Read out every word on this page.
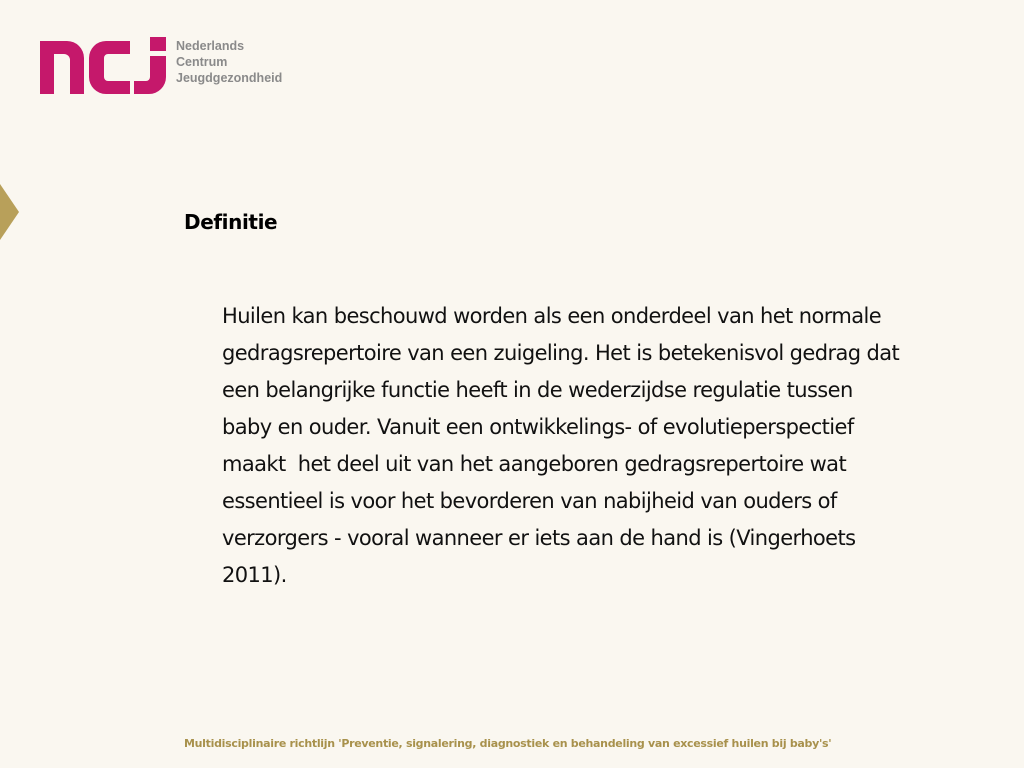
Nederlands
Centrum
Jeugdgezondheid
Definitie
Huilen kan beschouwd worden als een onderdeel van het normale
gedragsrepertoire van een zuigeling. Het is betekenisvol gedrag dat
een belangrijke functie heeft in de wederzijdse regulatie tussen
baby en ouder. Vanuit een ontwikkelings- of evolutieperspectief
maakt  het deel uit van het aangeboren gedragsrepertoire wat
essentieel is voor het bevorderen van nabijheid van ouders of
verzorgers - vooral wanneer er iets aan de hand is (Vingerhoets
2011).
Multidisciplinaire richtlijn 'Preventie, signalering, diagnostiek en behandeling van excessief huilen bij baby's'
